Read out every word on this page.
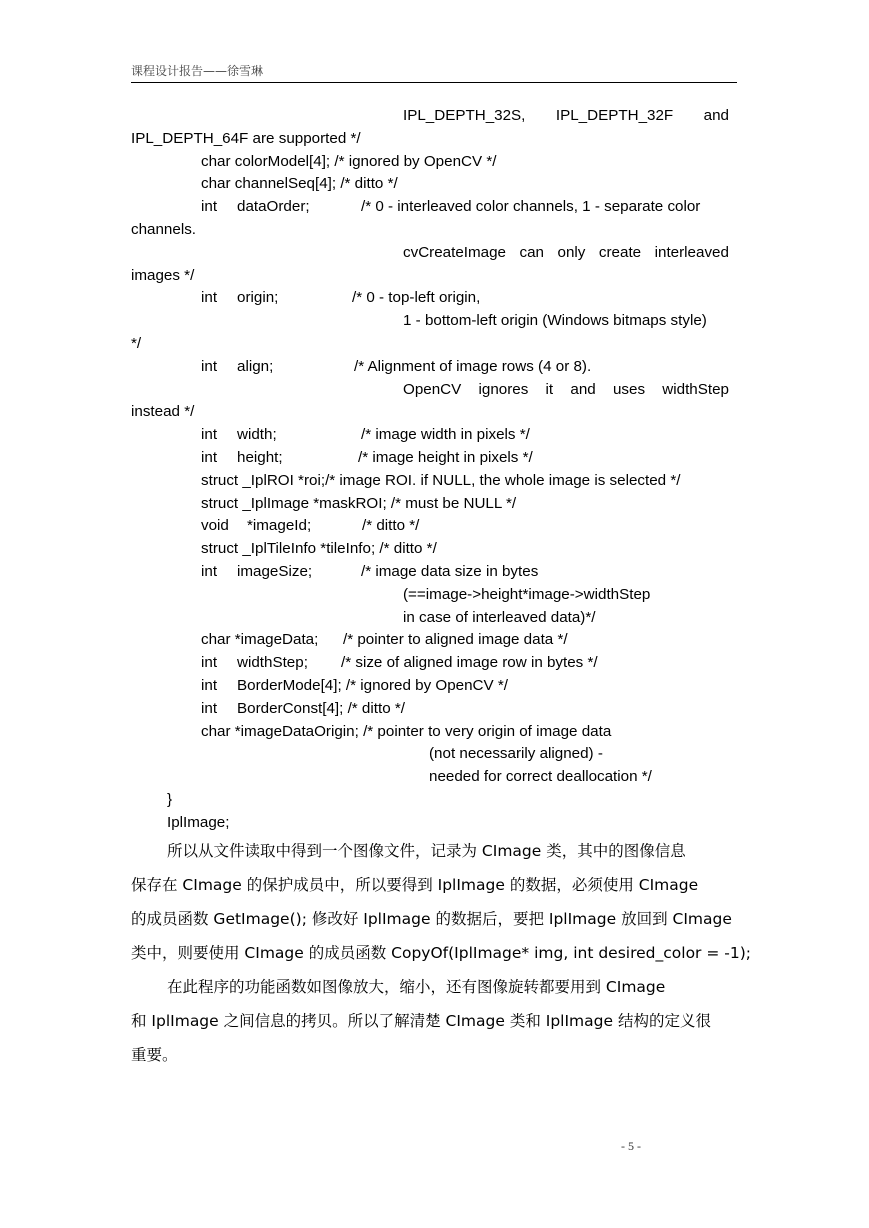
课程设计报告——徐雪琳
IPL_DEPTH_32S, IPL_DEPTH_32F and
IPL_DEPTH_64F are supported */
char colorModel[4]; /* ignored by OpenCV */
char channelSeq[4]; /* ditto */
int dataOrder;	/* 0 - interleaved color channels, 1 - separate color
channels.
cvCreateImage can only create interleaved
images */
int origin;	/* 0 - top-left origin,
1 - bottom-left origin (Windows bitmaps style)
*/
int align;	/* Alignment of image rows (4 or 8).
OpenCV ignores it and uses widthStep
instead */
int width;	/* image width in pixels */
int height;	/* image height in pixels */
struct _IplROI *roi;/* image ROI. if NULL, the whole image is selected */
struct _IplImage *maskROI; /* must be NULL */
void *imageId;	/* ditto */
struct _IplTileInfo *tileInfo; /* ditto */
int imageSize;	/* image data size in bytes
(==image->height*image->widthStep
in case of interleaved data)*/
char *imageData; /* pointer to aligned image data */
int widthStep; /* size of aligned image row in bytes */
int BorderMode[4]; /* ignored by OpenCV */
int BorderConst[4]; /* ditto */
char *imageDataOrigin; /* pointer to very origin of image data
(not necessarily aligned) -
needed for correct deallocation */
}
IplImage;
所以从文件读取中得到一个图像文件，记录为 CImage 类，其中的图像信息
保存在 CImage 的保护成员中，所以要得到 IplImage 的数据，必须使用 CImage
的成员函数 GetImage(); 修改好 IplImage 的数据后，要把 IplImage 放回到 CImage
类中，则要使用 CImage 的成员函数 CopyOf(IplImage* img, int desired_color = -1);
在此程序的功能函数如图像放大，缩小，还有图像旋转都要用到 CImage
和 IplImage 之间信息的拷贝。所以了解清楚 CImage 类和 IplImage 结构的定义很
重要。
- 5 -
